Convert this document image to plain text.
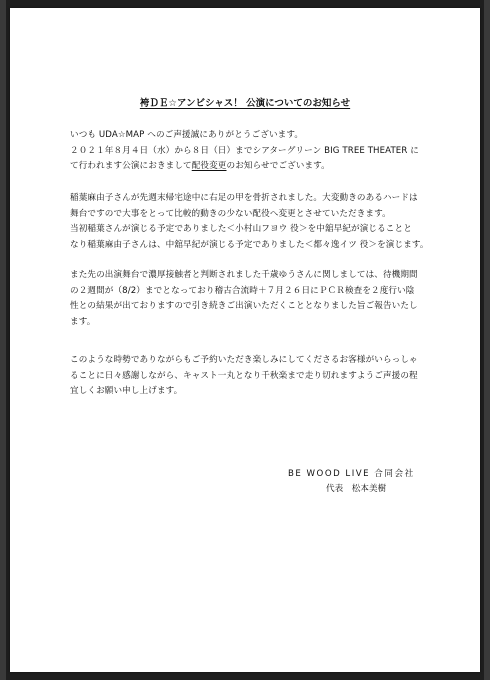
袴ＤＥ☆アンビシャス！ 公演についてのお知らせ
いつも UDA☆MAP へのご声援誠にありがとうございます。
２０２１年８月４日（水）から８日（日）までシアターグリーン BIG TREE THEATER に
て行われます公演におきまして配役変更のお知らせでございます。
稲葉麻由子さんが先週末帰宅途中に右足の甲を骨折されました。大変動きのあるハードは
舞台ですので大事をとって比較的動きの少ない配役へ変更とさせていただきます。
当初稲葉さんが演じる予定でありました＜小村山フヨウ 役＞を中舘早紀が演じることと
なり稲葉麻由子さんは、中舘早紀が演じる予定でありました＜都々逸イツ 役＞を演じます。
また先の出演舞台で濃厚接触者と判断されました千歳ゆうさんに関しましては、待機期間
の２週間が（8/2）までとなっており稽古合流時＋７月２６日にＰＣＲ検査を２度行い陰
性との結果が出ておりますので引き続きご出演いただくこととなりました旨ご報告いたし
ます。
このような時勢でありながらもご予約いただき楽しみにしてくださるお客様がいらっしゃ
ることに日々感謝しながら、キャスト一丸となり千秋楽まで走り切れますようご声援の程
宜しくお願い申し上げます。
BE WOOD LIVE 合同会社
代表　松本美樹
